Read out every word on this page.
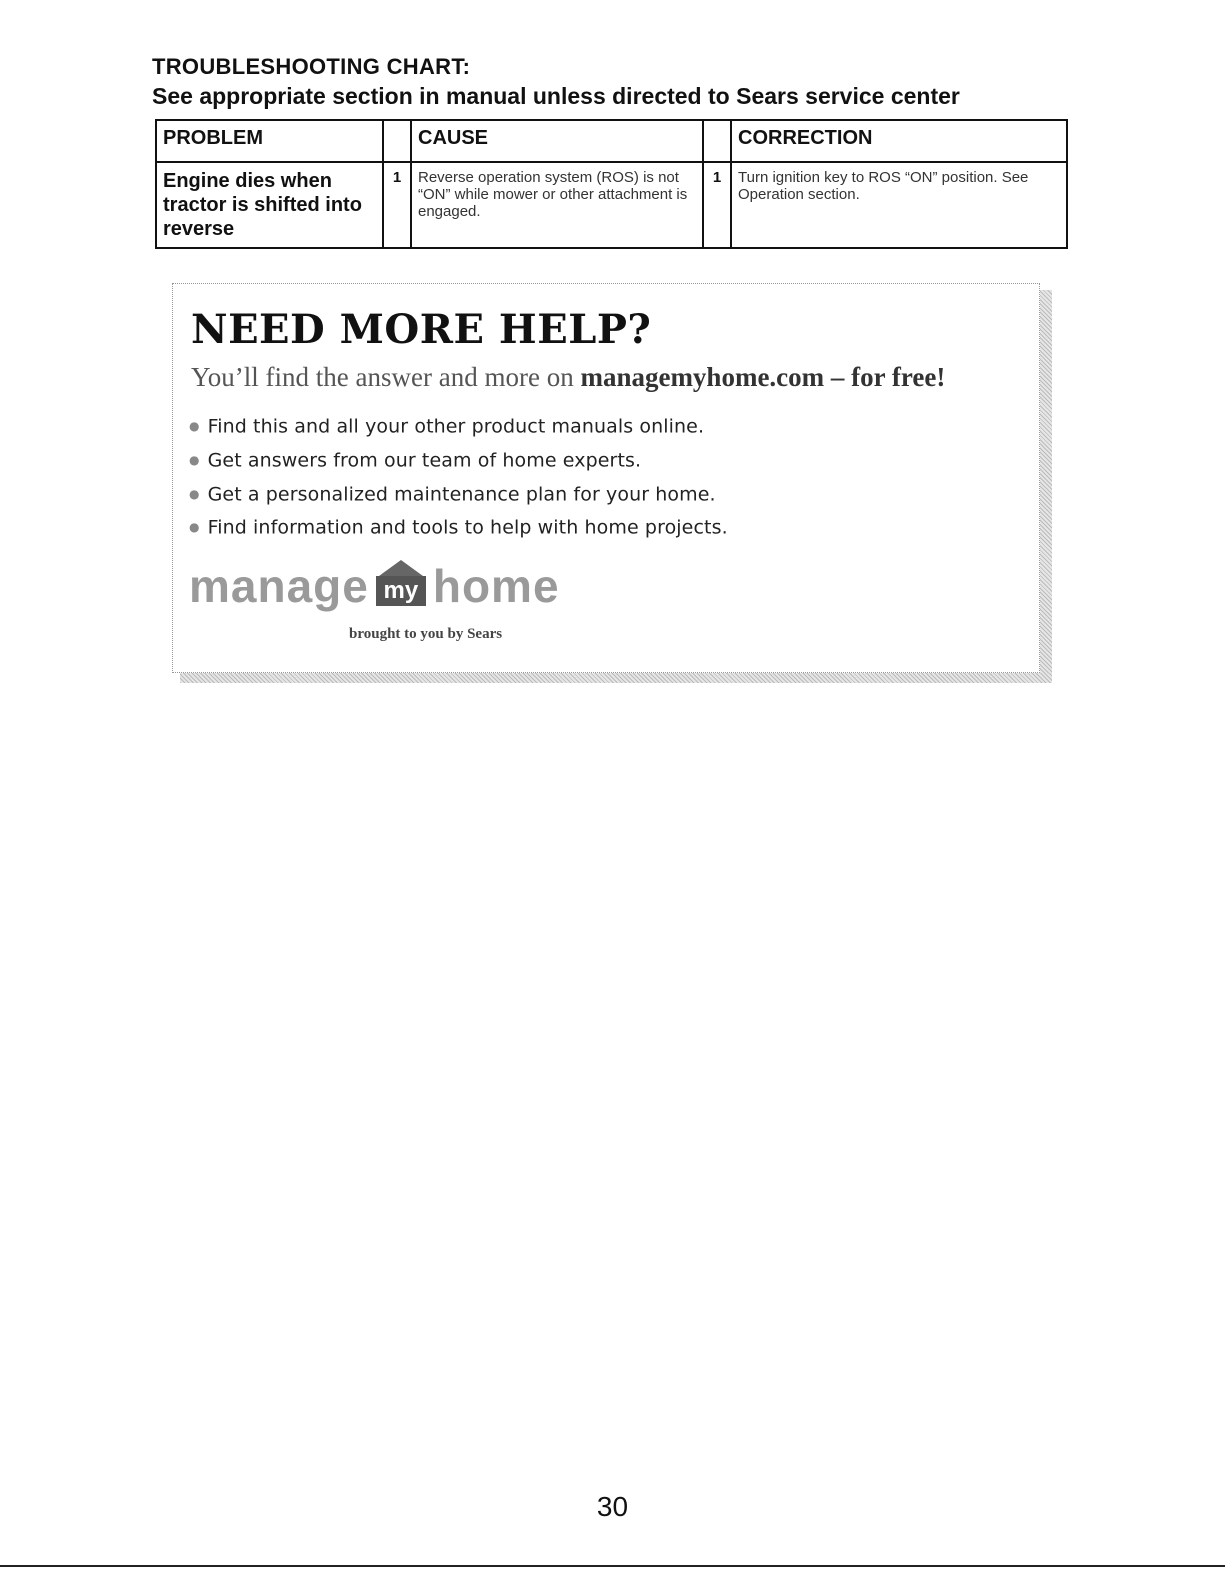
TROUBLESHOOTING CHART:
See appropriate section in manual unless directed to Sears service center
PROBLEM		CAUSE		CORRECTION
Engine dies when tractor is shifted into reverse	1	Reverse operation system (ROS) is not “ON” while mower or other attachment is engaged.	1	Turn ignition key to ROS “ON” position. See Operation section.
NEED MORE HELP?
You’ll find the answer and more on managemyhome.com – for free!
● Find this and all your other product manuals online.
● Get answers from our team of home experts.
● Get a personalized maintenance plan for your home.
● Find information and tools to help with home projects.
manage my home
brought to you by Sears
30
